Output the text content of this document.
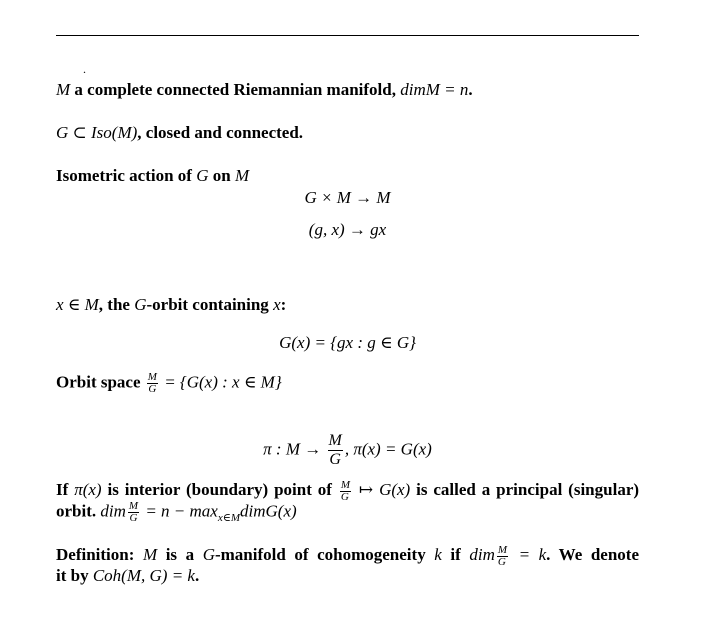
.
M a complete connected Riemannian manifold, dimM = n.
G ⊂ Iso(M), closed and connected.
Isometric action of G on M
G × M → M
(g, x) → gx
x ∈ M, the G-orbit containing x:
G(x) = {gx : g ∈ G}
Orbit space $\frac{M}{G} = \{G(x)$ : x ∈ M}
π : $M \to \frac{M}{G}$ , π(x) = G(x)
If π(x) is interior (boundary) point of $\frac{M}{G}$ ↦ G(x) is called a principal (singular)
orbit. dim $\frac{M}{G} = n$ − $\max_{x\in M}dimG(x)$
Definition: M is a G-manifold of cohomogeneity k if dim $\frac{M}{G} = k$. We denote
it by Coh(M, G) = k.
